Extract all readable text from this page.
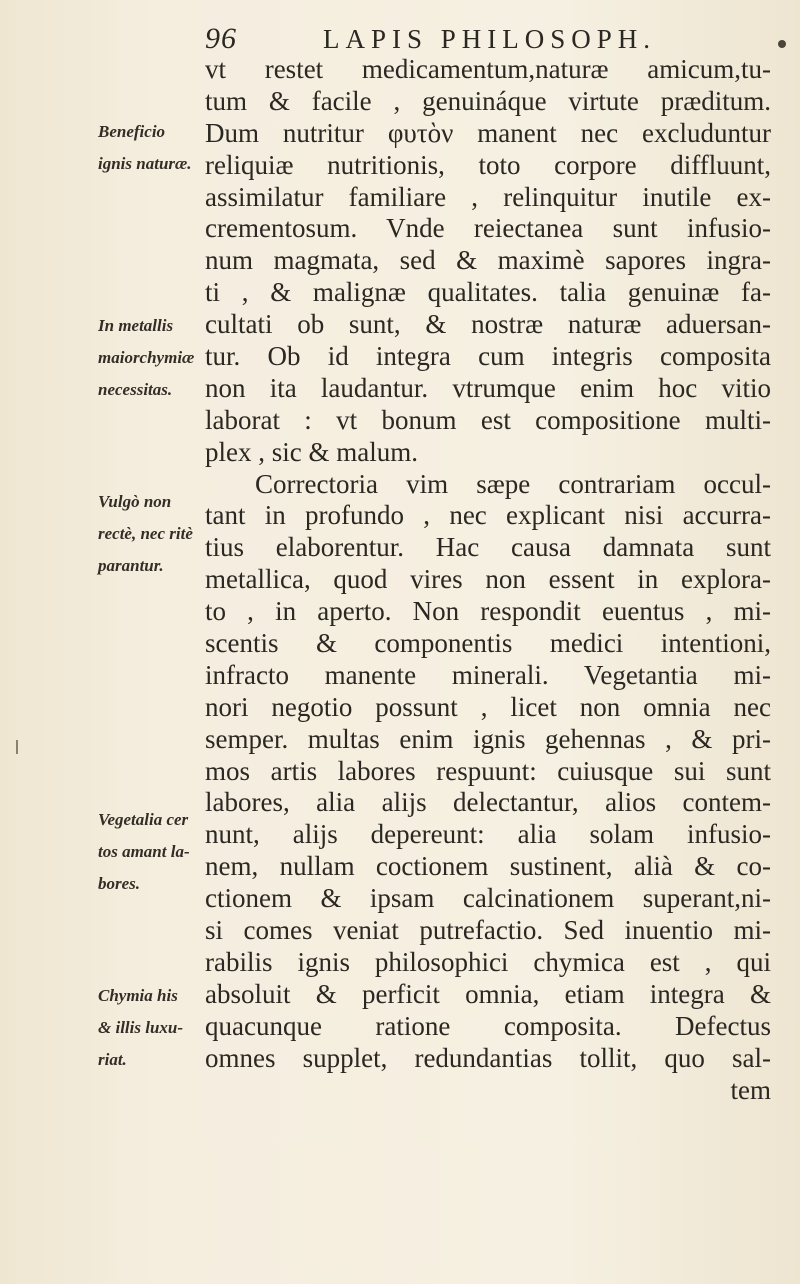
96	LAPIS PHILOSOPH.
Beneficio
ignis naturæ.
In metallis
maiorchymiæ
necessitas.
Vulgò non
rectè, nec ritè
parantur.
Vegetalia cer
tos amant la-
bores.
Chymia his
& illis luxu-
riat.
vt restet medicamentum,naturæ amicum,tu-
tum & facile , genuináque virtute præditum.
Dum nutritur φυτὸν manent nec excluduntur
reliquiæ nutritionis, toto corpore diffluunt,
assimilatur familiare , relinquitur inutile ex-
crementosum. Vnde reiectanea sunt infusio-
num magmata, sed & maximè sapores ingra-
ti , & malignæ qualitates. talia genuinæ fa-
cultati ob sunt, & nostræ naturæ aduersan-
tur. Ob id integra cum integris composita
non ita laudantur. vtrumque enim hoc vitio
laborat : vt bonum est compositione multi-
plex , sic & malum.
Correctoria vim sæpe contrariam occul-
tant in profundo , nec explicant nisi accurra-
tius elaborentur. Hac causa damnata sunt
metallica, quod vires non essent in explora-
to , in aperto. Non respondit euentus , mi-
scentis & componentis medici intentioni,
infracto manente minerali. Vegetantia mi-
nori negotio possunt , licet non omnia nec
semper. multas enim ignis gehennas , & pri-
mos artis labores respuunt: cuiusque sui sunt
labores, alia aliјs delectantur, alios contem-
nunt, aliјs depereunt: alia solam infusio-
nem, nullam coctionem sustinent, alià & co-
ctionem & ipsam calcinationem superant,ni-
si comes veniat putrefactio. Sed inuentio mi-
rabilis ignis philosophici chymica est , qui
absoluit & perficit omnia, etiam integra &
quacunque ratione composita. Defectus
omnes supplet, redundantias tollit, quo sal-
tem
